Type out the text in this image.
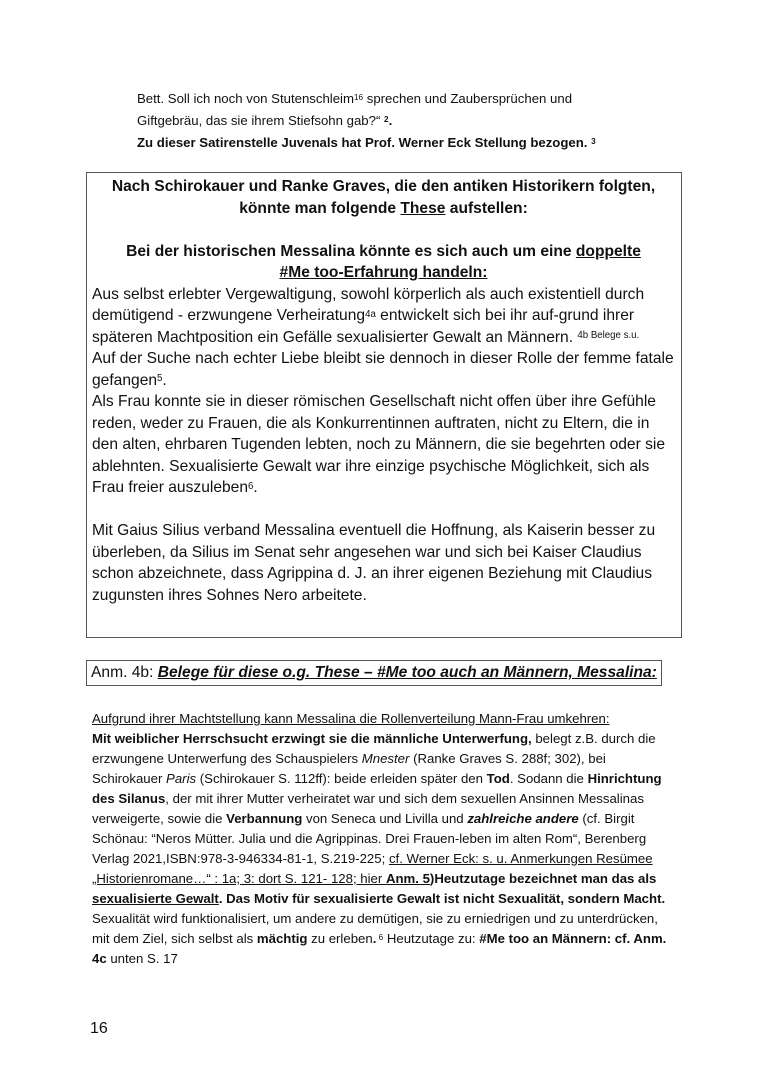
Bett. Soll ich noch von Stutenschleim$^{16}$ sprechen und Zaubersprüchen und

Giftgebräu, das sie ihrem Stiefsohn gab?“ $^2$.

Zu dieser Satirenstelle Juvenals hat Prof. Werner Eck Stellung bezogen. $^3$

Nach Schirokauer und Ranke Graves, die den antiken Historikern folgten,
könnte man folgende These aufstellen:

Bei der historischen Messalina könnte es sich auch um eine doppelte
#Me too-Erfahrung handeln:

Aus selbst erlebter Vergewaltigung, sowohl körperlich als auch existentiell durch demütigend - erzwungene Verheiratung$^{4a}$ entwickelt sich bei ihr auf-grund ihrer späteren Machtposition ein Gefälle sexualisierter Gewalt an Männern. $^{4b Belege s.u.}$

Auf der Suche nach echter Liebe bleibt sie dennoch in dieser Rolle der femme fatale gefangen$^5$.

Als Frau konnte sie in dieser römischen Gesellschaft nicht offen über ihre Gefühle reden, weder zu Frauen, die als Konkurrentinnen auftraten, nicht zu Eltern, die in den alten, ehrbaren Tugenden lebten, noch zu Männern, die sie begehrten oder sie ablehnten. Sexualisierte Gewalt war ihre einzige psychische Möglichkeit, sich als Frau freier auszuleben$^6$.

Mit Gaius Silius verband Messalina eventuell die Hoffnung, als Kaiserin besser zu überleben, da Silius im Senat sehr angesehen war und sich bei Kaiser Claudius schon abzeichnete, dass Agrippina d. J. an ihrer eigenen Beziehung mit Claudius zugunsten ihres Sohnes Nero arbeitete.

Anm. 4b: Belege für diese o.g. These – #Me too auch an Männern, Messalina:

Aufgrund ihrer Machtstellung kann Messalina die Rollenverteilung Mann-Frau umkehren:

Mit weiblicher Herrschsucht erzwingt sie die männliche Unterwerfung, belegt z.B. durch die erzwungene Unterwerfung des Schauspielers Mnester (Ranke Graves S. 288f; 302), bei Schirokauer Paris (Schirokauer S. 112ff): beide erleiden später den Tod. Sodann die Hinrichtung des Silanus, der mit ihrer Mutter verheiratet war und sich dem sexuellen Ansinnen Messalinas verweigerte, sowie die Verbannung von Seneca und Livilla und zahlreiche andere (cf. Birgit Schönau: “Neros Mütter. Julia und die Agrippinas. Drei Frauen-leben im alten Rom“, Berenberg Verlag 2021,ISBN:978-3-946334-81-1, S.219-225; cf. Werner Eck: s. u. Anmerkungen Resümee „Historienromane…“ : 1a; 3: dort S. 121- 128; hier Anm. 5)Heutzutage bezeichnet man das als sexualisierte Gewalt. Das Motiv für sexualisierte Gewalt ist nicht Sexualität, sondern Macht. Sexualität wird funktionalisiert, um andere zu demütigen, sie zu erniedrigen und zu unterdrücken, mit dem Ziel, sich selbst als mächtig zu erleben. $^6$ Heutzutage zu: #Me too an Männern: cf. Anm. 4c unten S. 17

16
